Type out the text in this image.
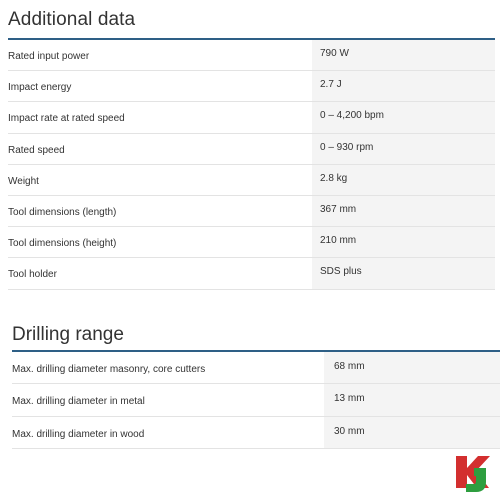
Additional data
Rated input power	790 W
Impact energy	2.7 J
Impact rate at rated speed	0 – 4,200 bpm
Rated speed	0 – 930 rpm
Weight	2.8 kg
Tool dimensions (length)	367 mm
Tool dimensions (height)	210 mm
Tool holder	SDS plus
Drilling range
Max. drilling diameter masonry, core cutters	68 mm
Max. drilling diameter in metal	13 mm
Max. drilling diameter in wood	30 mm
